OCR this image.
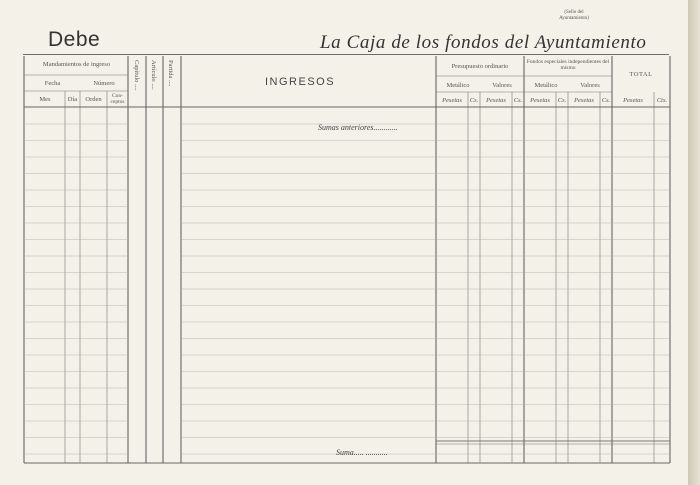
(Sello del Ayuntamiento)
Debe	La Caja de los fondos del Ayuntamiento
Mandamientos de ingreso
Fecha	Número
Mes	Día	Orden	Con-ceptos
Capítulo .... Artículo .... Partida ....	INGRESOS
Presupuesto ordinario
Fondos especiales independientes del mismo
TOTAL
Metálico	Valores	Metálico	Valores
Pesetas	Cs.	Pesetas	Cs.	Pesetas	Cs.	Pesetas	Cs.	Pesetas	Cts.
Sumas anteriores............
Suma..... ...........
